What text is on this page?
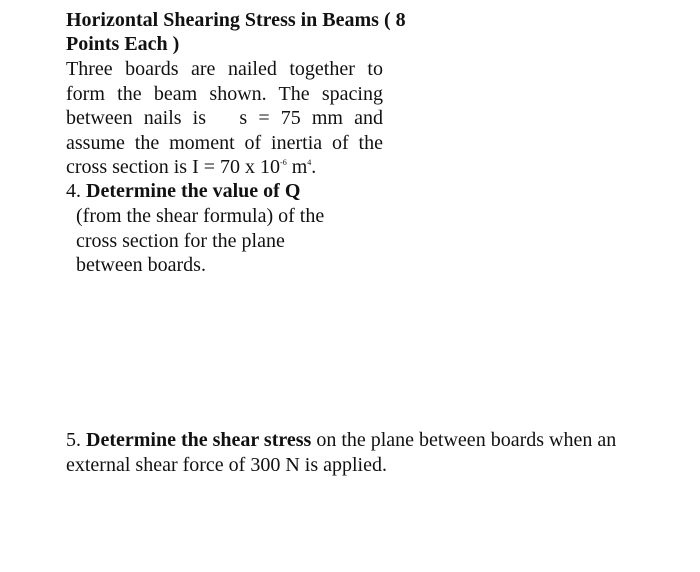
Horizontal Shearing Stress in Beams ( 8
Points Each )
Three boards are nailed together to
form the beam shown. The spacing
between nails is s = 75 mm and
assume the moment of inertia of the
cross section is I = 70 x $10^{-6}$ $m^4$.
4. Determine the value of Q
(from the shear formula) of the
cross section for the plane
between boards.
5. Determine the shear stress on the plane between boards when an
external shear force of 300 N is applied.
